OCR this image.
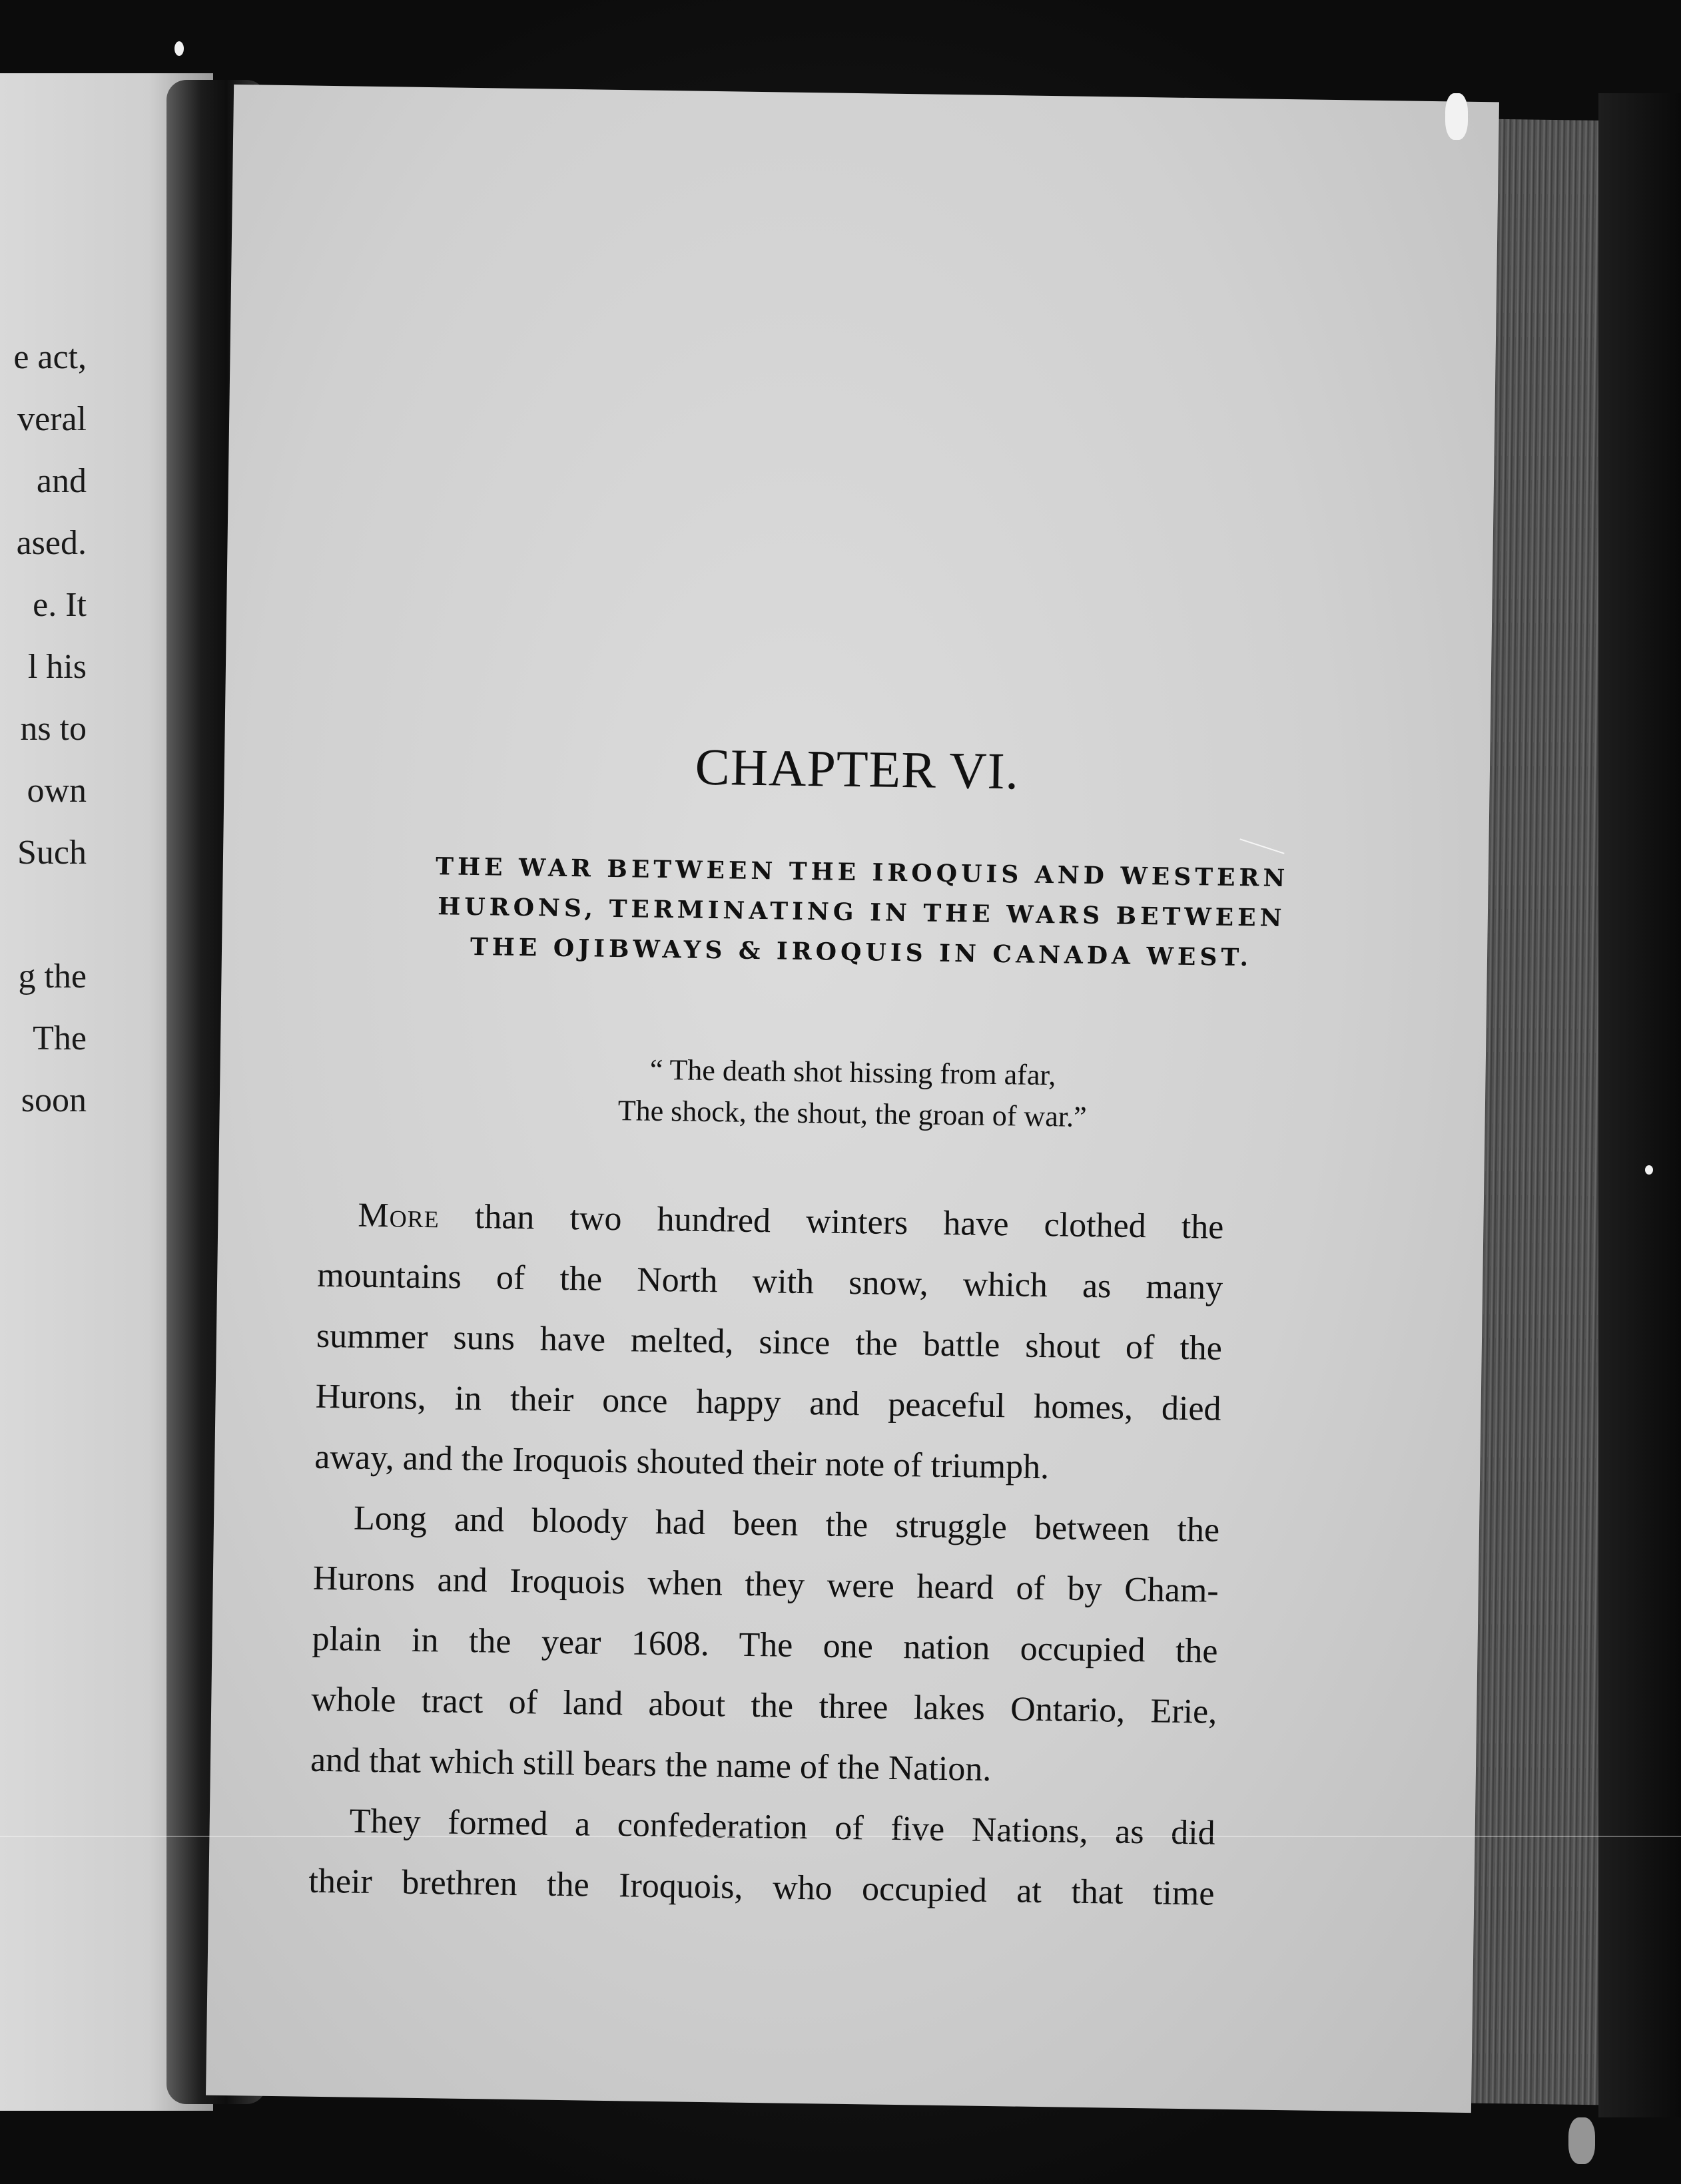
e act,
veral
and
ased.
e. It
l his
ns to
own
Such
g the
The
soon
CHAPTER VI.
THE WAR BETWEEN THE IROQUIS AND WESTERN
HURONS, TERMINATING IN THE WARS BETWEEN
THE OJIBWAYS & IROQUIS IN CANADA WEST.
“ The death shot hissing from afar,
The shock, the shout, the groan of war.”
More than two hundred winters have clothed the
mountains of the North with snow, which as many
summer suns have melted, since the battle shout of the
Hurons, in their once happy and peaceful homes, died
away, and the Iroquois shouted their note of triumph.
Long and bloody had been the struggle between the
Hurons and Iroquois when they were heard of by Cham-
plain in the year 1608. The one nation occupied the
whole tract of land about the three lakes Ontario, Erie,
and that which still bears the name of the Nation.
They formed a confederation of five Nations, as did
their brethren the Iroquois, who occupied at that time
